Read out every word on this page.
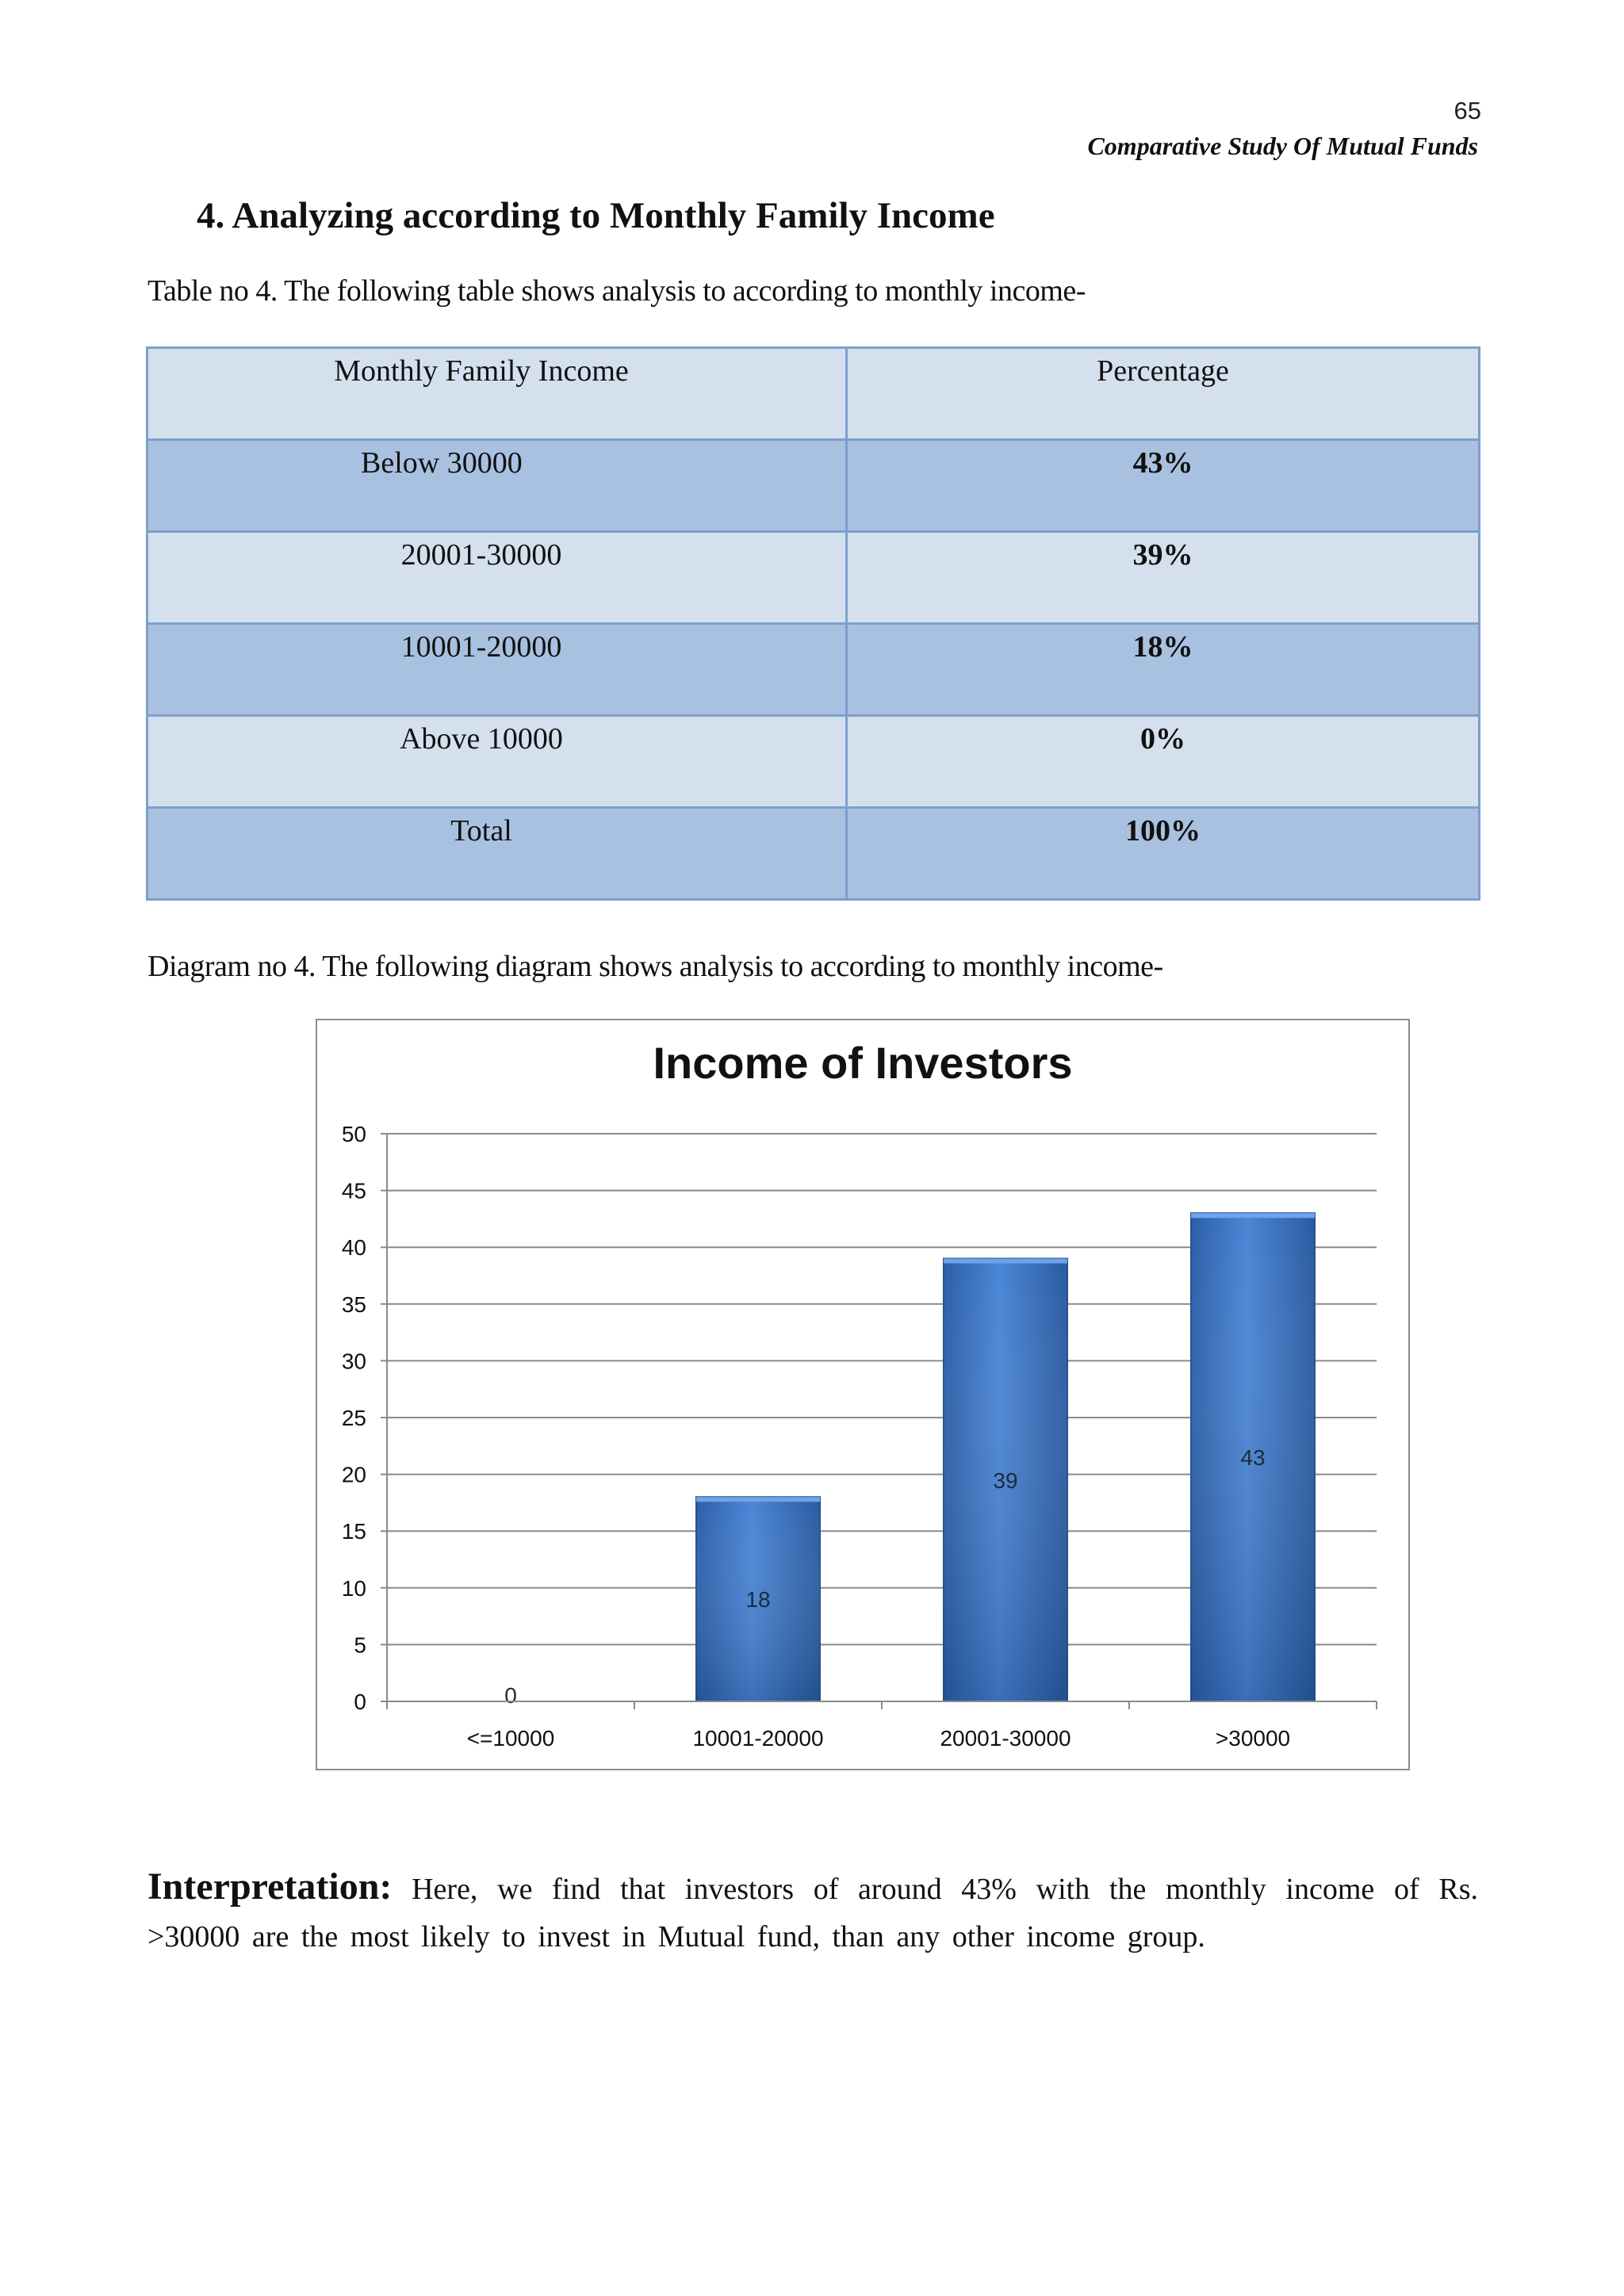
65
Comparative Study Of Mutual Funds
4. Analyzing according to Monthly Family Income
Table no 4. The following table shows analysis to according to monthly income-
Monthly Family Income	Percentage
Below 30000	43%
20001-30000	39%
10001-20000	18%
Above 10000	0%
Total	100%
Diagram no 4. The following diagram shows analysis to according to monthly income-
Income of Investors
0
5
10
15
20
25
30
35
40
45
50
0
<=10000
18
10001-20000
39
20001-30000
43
>30000

Interpretation: Here, we find that investors of around 43% with the monthly income of Rs. >30000 are the most likely to invest in Mutual fund, than any other income group.
